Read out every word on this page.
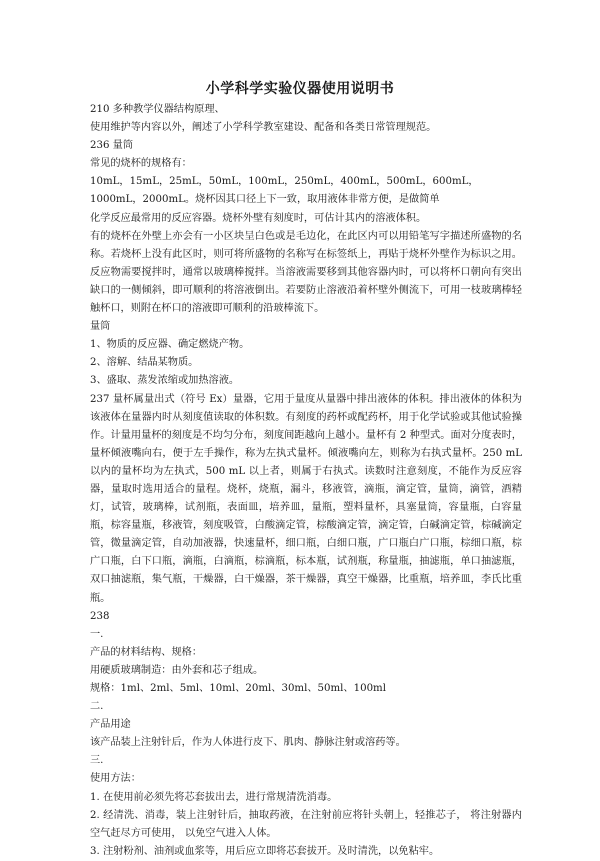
小学科学实验仪器使用说明书
210 多种教学仪器结构原理、
使用维护等内容以外，阐述了小学科学教室建设、配备和各类日常管理规范。
236 量筒
常见的烧杯的规格有：
10mL，15mL，25mL，50mL，100mL，250mL，400mL，500mL，600mL，
1000mL，2000mL。烧杯因其口径上下一致，取用液体非常方便，是做简单
化学反应最常用的反应容器。烧杯外壁有刻度时，可估计其内的溶液体积。
有的烧杯在外壁上亦会有一小区块呈白色或是毛边化，在此区内可以用铅笔写字描述所盛物的名称。若烧杯上没有此区时，则可将所盛物的名称写在标签纸上，再贴于烧杯外壁作为标识之用。反应物需要搅拌时，通常以玻璃棒搅拌。当溶液需要移到其他容器内时，可以将杯口朝向有突出缺口的一侧倾斜，即可顺利的将溶液倒出。若要防止溶液沿着杯壁外侧流下，可用一枝玻璃棒轻触杯口，则附在杯口的溶液即可顺利的沿玻棒流下。
量筒
1、物质的反应器、确定燃烧产物。
2、溶解、结晶某物质。
3、盛取、蒸发浓缩或加热溶液。
237 量杯属量出式（符号 Ex）量器，它用于量度从量器中排出液体的体积。排出液体的体积为该液体在量器内时从刻度值读取的体积数。有刻度的药杯或配药杯，用于化学试验或其他试验操作。计量用量杯的刻度是不均匀分布，刻度间距越向上越小。量杯有 2 种型式。面对分度表时，量杯倾液嘴向右，便于左手操作，称为左执式量杯。倾液嘴向左，则称为右执式量杯。250 mL 以内的量杯均为左执式，500 mL 以上者，则属于右执式。读数时注意刻度，不能作为反应容器，量取时选用适合的量程。烧杯，烧瓶，漏斗，移液管，滴瓶，滴定管，量筒，滴管，酒精灯，试管，玻璃棒，试剂瓶，表面皿，培养皿，量瓶，塑料量杯，具塞量筒，容量瓶，白容量瓶，棕容量瓶，移液管，刻度吸管，白酸滴定管，棕酸滴定管，滴定管，白碱滴定管，棕碱滴定管，微量滴定管，自动加液器，快速量杯，细口瓶，白细口瓶，广口瓶白广口瓶，棕细口瓶，棕广口瓶，白下口瓶，滴瓶，白滴瓶，棕滴瓶，标本瓶，试剂瓶，称量瓶，抽滤瓶，单口抽滤瓶，双口抽滤瓶，集气瓶，干燥器，白干燥器，茶干燥器，真空干燥器，比重瓶，培养皿，李氏比重瓶。
238
一.
产品的材料结构、规格：
用硬质玻璃制造：由外套和芯子组成。
规格：1ml、2ml、5ml、10ml、20ml、30ml、50ml、100ml
二.
产品用途
该产品装上注射针后，作为人体进行皮下、肌肉、静脉注射或溶药等。
三.
使用方法：
1. 在使用前必须先将芯套拔出去，进行常规清洗消毒。
2. 经清洗、消毒，装上注射针后，抽取药液，在注射前应将针头朝上，轻推芯子， 将注射器内空气赶尽方可使用， 以免空气进入人体。
3. 注射粉剂、油剂或血浆等，用后应立即将芯套拔开。及时清洗，以免粘牢。
